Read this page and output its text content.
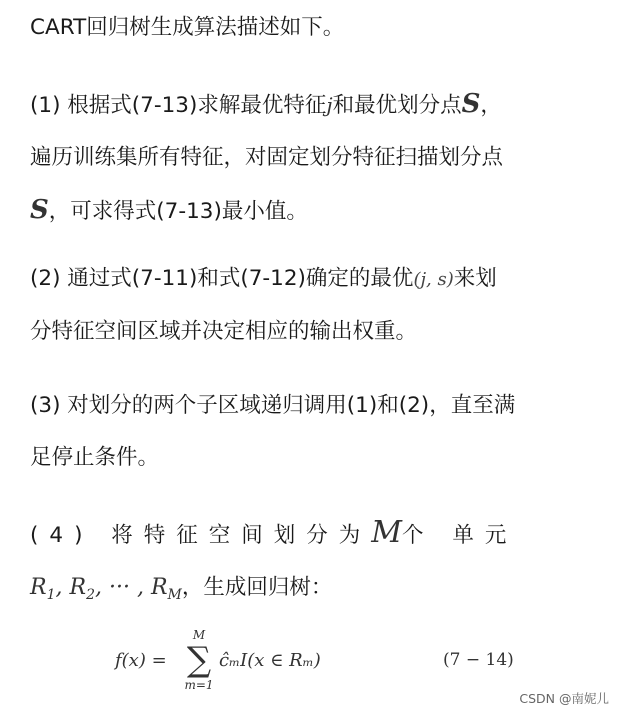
CART回归树生成算法描述如下。

(1) 根据式(7-13)求解最优特征j和最优划分点S，
遍历训练集所有特征，对固定划分特征扫描划分点
S，可求得式(7-13)最小值。

(2) 通过式(7-11)和式(7-12)确定的最优(j, s)来划
分特征空间区域并决定相应的输出权重。

(3) 对划分的两个子区域递归调用(1)和(2)，直至满
足停止条件。

(4) 将特征空间划分为M个 单元
$R_1$, $R_2$, ··· , $R_M$，生成回归树：

f(x) =
M
∑
m=1
ĉₘI(x ∈ Rₘ)	(7 − 14)
CSDN @南妮儿
